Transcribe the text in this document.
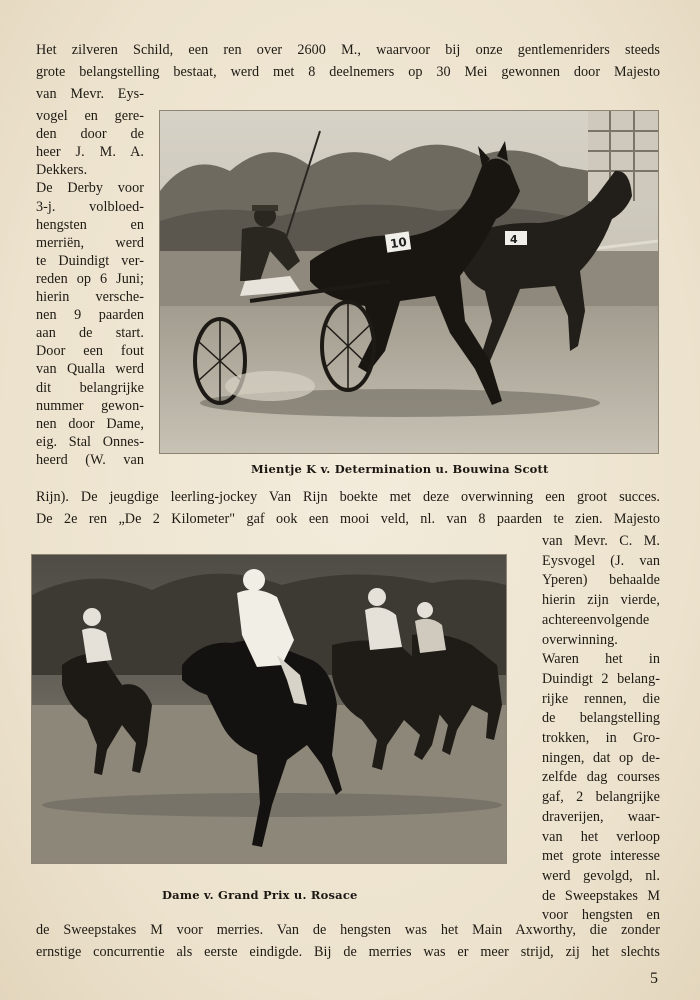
Het zilveren Schild, een ren over 2600 M., waarvoor bij onze gentlemenriders steeds
grote belangstelling bestaat, werd met 8 deelnemers op 30 Mei gewonnen door Majesto
van Mevr. Eys-
vogel en gere-
den door de
heer J. M. A.
Dekkers.
De Derby voor
3-j. volbloed-
hengsten en
merriën, werd
te Duindigt ver-
reden op 6 Juni;
hierin versche-
nen 9 paarden
aan de start.
Door een fout
van Qualla werd
dit belangrijke
nummer gewon-
nen door Dame,
eig. Stal Onnes-
heerd (W. van
4
10
Mientje K v. Determination u. Bouwina Scott
Rijn). De jeugdige leerling-jockey Van Rijn boekte met deze overwinning een groot succes.
De 2e ren „De 2 Kilometer" gaf ook een mooi veld, nl. van 8 paarden te zien. Majesto
van Mevr. C. M.
Eysvogel (J. van
Yperen) behaalde
hierin zijn vierde,
achtereenvolgende
overwinning.
Waren het in
Duindigt 2 belang-
rijke rennen, die
de belangstelling
trokken, in Gro-
ningen, dat op de-
zelfde dag courses
gaf, 2 belangrijke
draverijen, waar-
van het verloop
met grote interesse
werd gevolgd, nl.
de Sweepstakes M
voor hengsten en
Dame v. Grand Prix u. Rosace
de Sweepstakes M voor merries. Van de hengsten was het Main Axworthy, die zonder
ernstige concurrentie als eerste eindigde. Bij de merries was er meer strijd, zij het slechts
5
